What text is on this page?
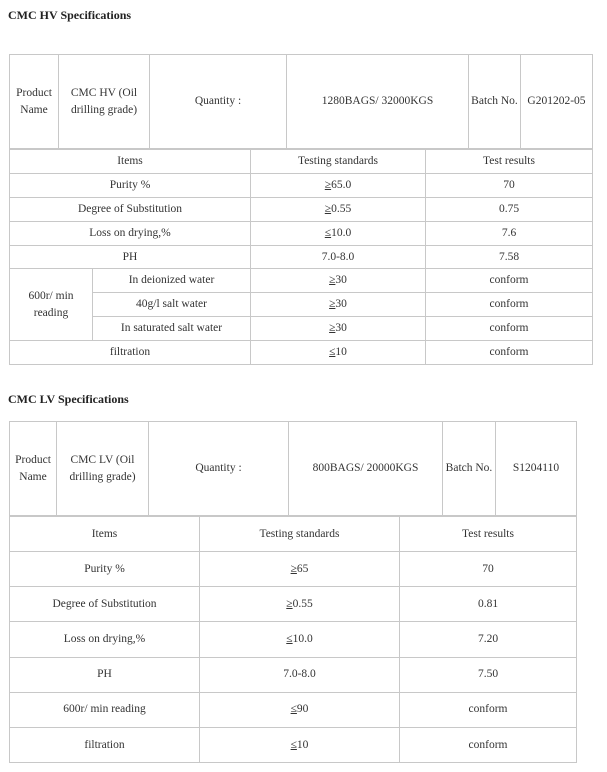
CMC HV Specifications
Product Name	CMC HV (Oil drilling grade)	Quantity :	1280BAGS/ 32000KGS	Batch No.	G201202-05
Items		Testing standards	Test results
Purity %		≥65.0	70
Degree of Substitution		≥0.55	0.75
Loss on drying,%		≤10.0	7.6
PH		7.0-8.0	7.58
600r/ min reading	In deionized water	≥30	conform
	40g/l salt water	≥30	conform
	In saturated salt water	≥30	conform
filtration		≤10	conform
CMC LV Specifications
Product Name	CMC LV (Oil drilling grade)	Quantity :	800BAGS/ 20000KGS	Batch No.	S1204110
Items	Testing standards	Test results
Purity %	≥65	70
Degree of Substitution	≥0.55	0.81
Loss on drying,%	≤10.0	7.20
PH	7.0-8.0	7.50
600r/ min reading	≤90	conform
filtration	≤10	conform
